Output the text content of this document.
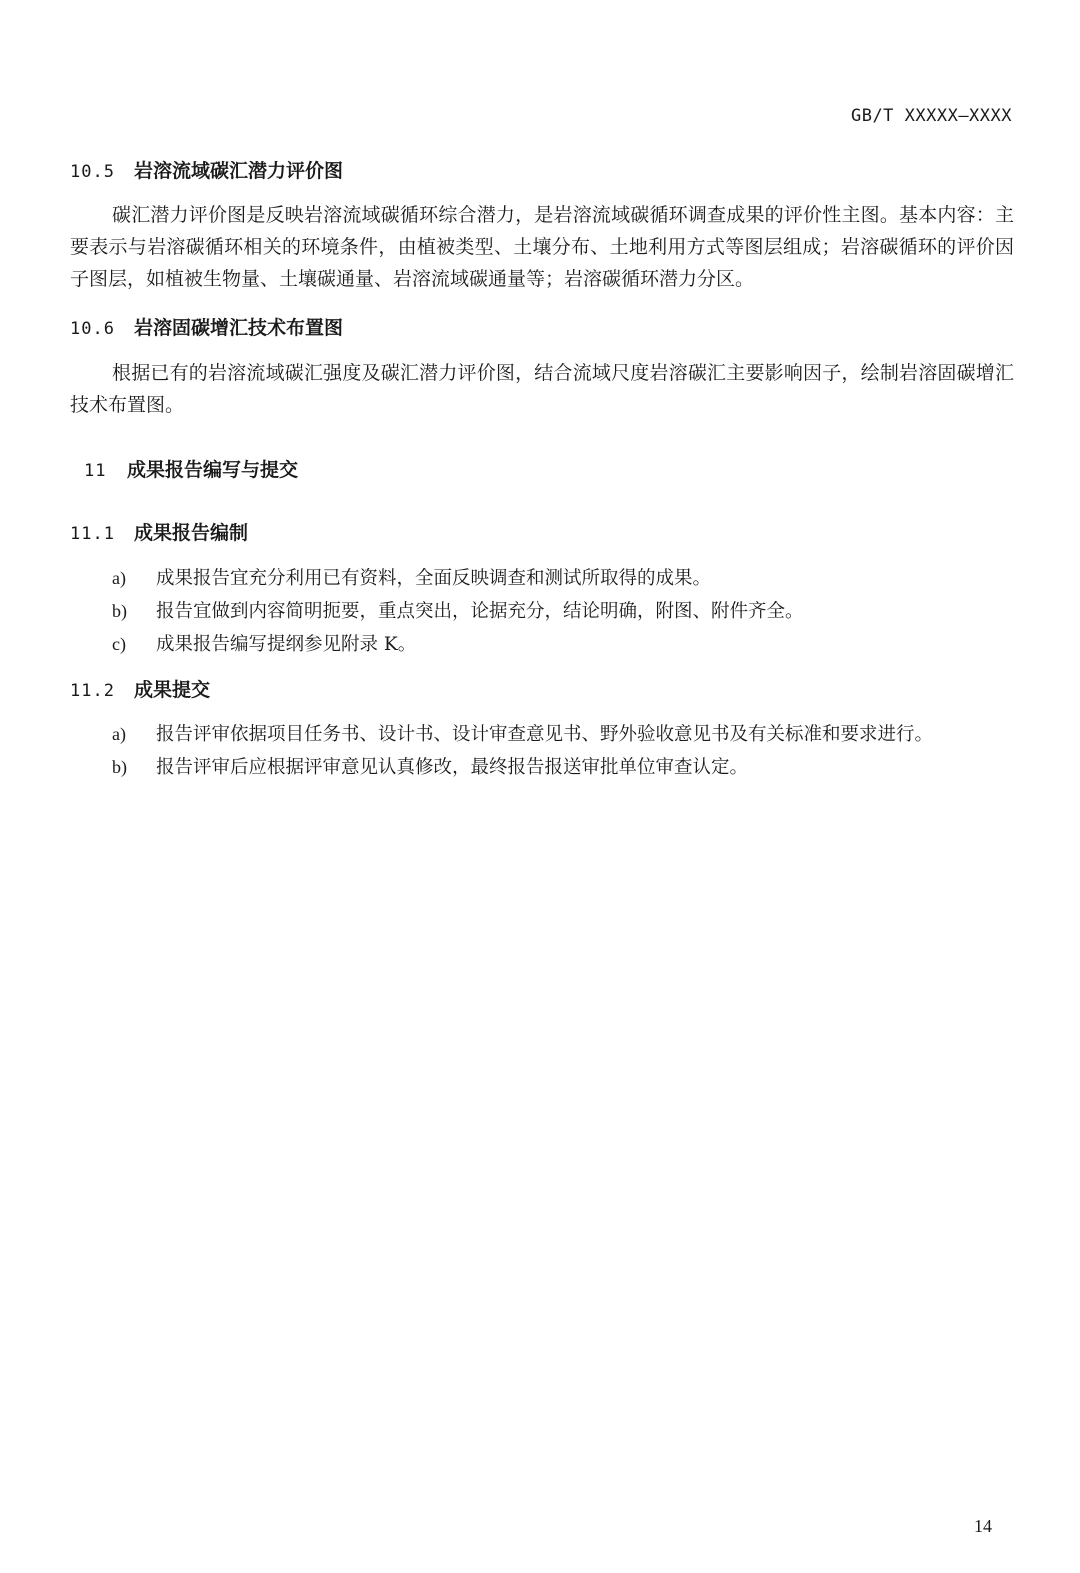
GB/T XXXXX—XXXX
10.5 岩溶流域碳汇潜力评价图
碳汇潜力评价图是反映岩溶流域碳循环综合潜力，是岩溶流域碳循环调查成果的评价性主图。基本内容：主要表示与岩溶碳循环相关的环境条件，由植被类型、土壤分布、土地利用方式等图层组成；岩溶碳循环的评价因子图层，如植被生物量、土壤碳通量、岩溶流域碳通量等；岩溶碳循环潜力分区。
10.6 岩溶固碳增汇技术布置图
根据已有的岩溶流域碳汇强度及碳汇潜力评价图，结合流域尺度岩溶碳汇主要影响因子，绘制岩溶固碳增汇技术布置图。
11 成果报告编写与提交
11.1 成果报告编制
a) 成果报告宜充分利用已有资料，全面反映调查和测试所取得的成果。
b) 报告宜做到内容简明扼要，重点突出，论据充分，结论明确，附图、附件齐全。
c) 成果报告编写提纲参见附录 K。
11.2 成果提交
a) 报告评审依据项目任务书、设计书、设计审查意见书、野外验收意见书及有关标准和要求进行。
b) 报告评审后应根据评审意见认真修改，最终报告报送审批单位审查认定。
14
